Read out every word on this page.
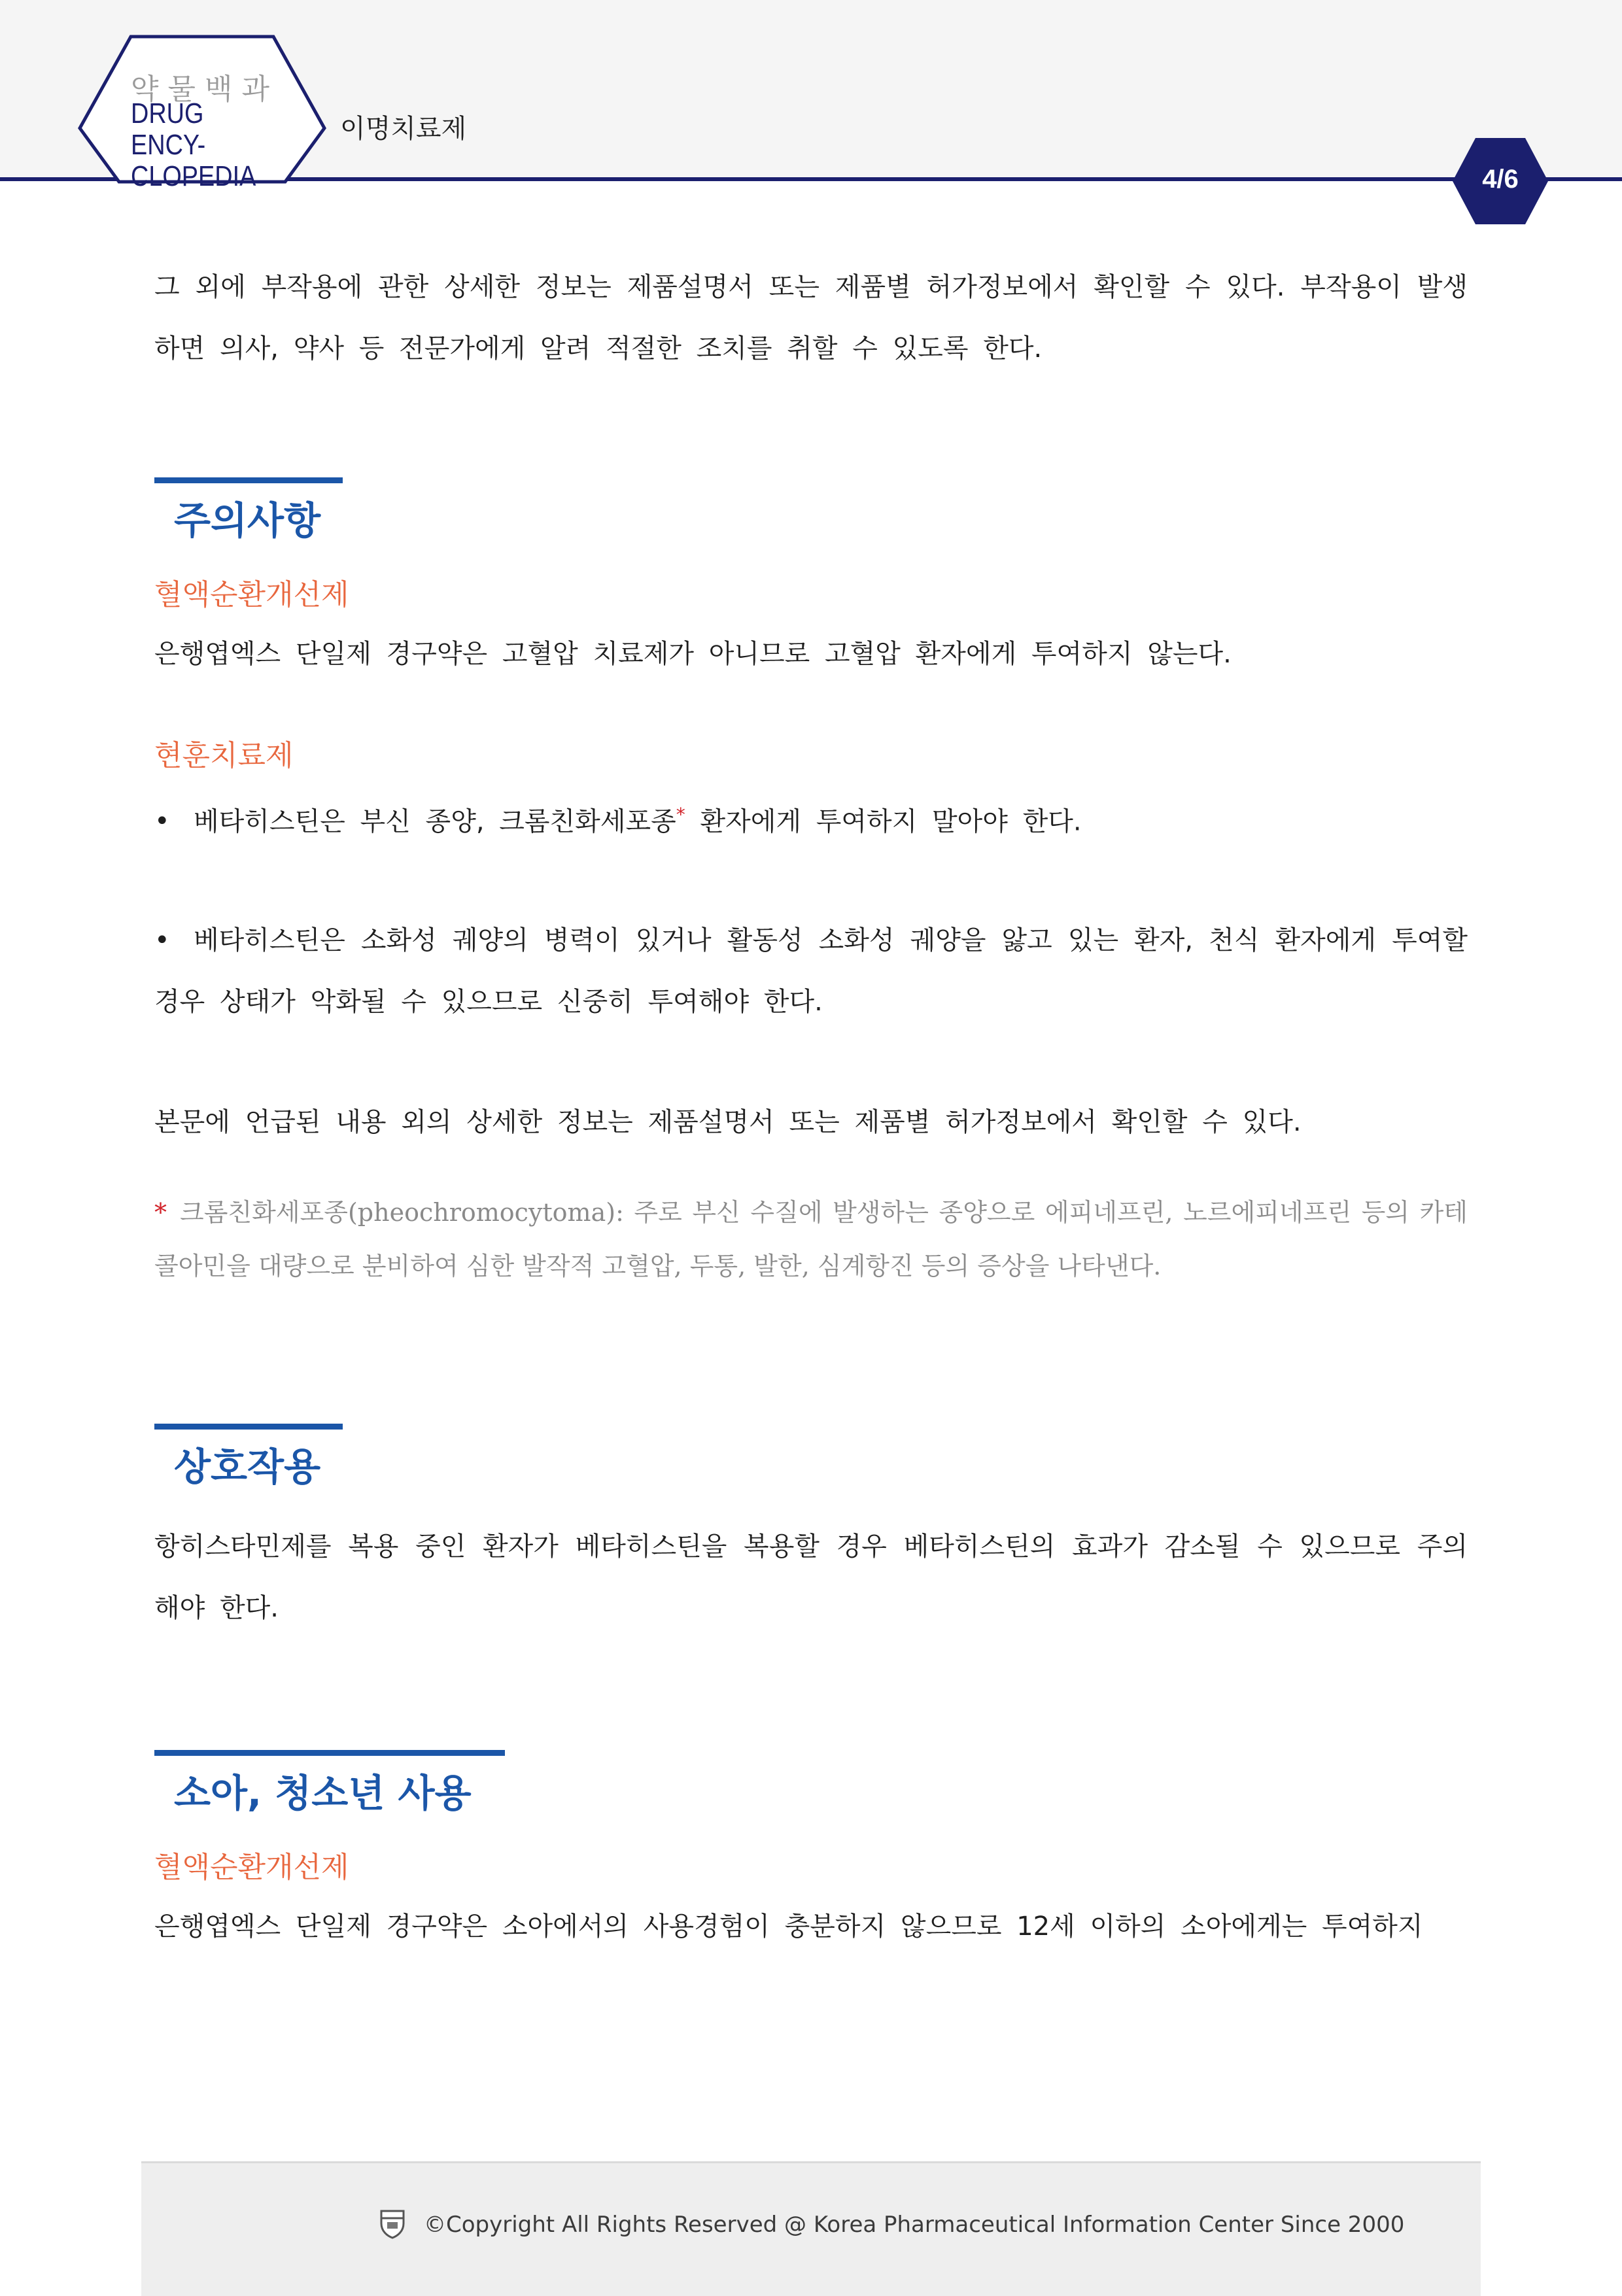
약물백과
DRUG ENCY-
CLOPEDIA
이명치료제
4/6

그 외에 부작용에 관한 상세한 정보는 제품설명서 또는 제품별 허가정보에서 확인할 수 있다. 부작용이 발생하면 의사, 약사 등 전문가에게 알려 적절한 조치를 취할 수 있도록 한다.

주의사항

혈액순환개선제

은행엽엑스 단일제 경구약은 고혈압 치료제가 아니므로 고혈압 환자에게 투여하지 않는다.

현훈치료제

• 베타히스틴은 부신 종양, 크롬친화세포종* 환자에게 투여하지 말아야 한다.

• 베타히스틴은 소화성 궤양의 병력이 있거나 활동성 소화성 궤양을 앓고 있는 환자, 천식 환자에게 투여할 경우 상태가 악화될 수 있으므로 신중히 투여해야 한다.

본문에 언급된 내용 외의 상세한 정보는 제품설명서 또는 제품별 허가정보에서 확인할 수 있다.

* 크롬친화세포종(pheochromocytoma): 주로 부신 수질에 발생하는 종양으로 에피네프린, 노르에피네프린 등의 카테콜아민을 대량으로 분비하여 심한 발작적 고혈압, 두통, 발한, 심계항진 등의 증상을 나타낸다.

상호작용

항히스타민제를 복용 중인 환자가 베타히스틴을 복용할 경우 베타히스틴의 효과가 감소될 수 있으므로 주의해야 한다.

소아, 청소년 사용

혈액순환개선제

은행엽엑스 단일제 경구약은 소아에서의 사용경험이 충분하지 않으므로 12세 이하의 소아에게는 투여하지

©Copyright All Rights Reserved @ Korea Pharmaceutical Information Center Since 2000
